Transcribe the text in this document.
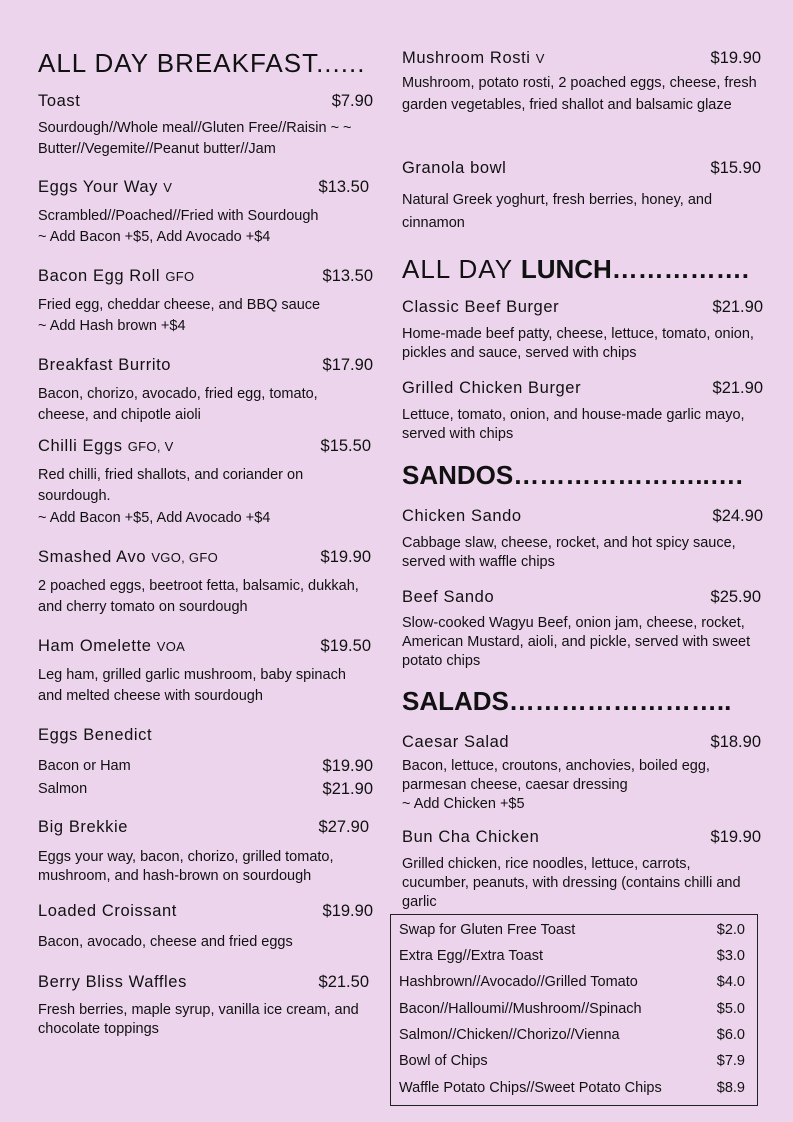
ALL DAY BREAKFAST......
Toast	$7.90
Sourdough//Whole meal//Gluten Free//Raisin ~ ~ Butter//Vegemite//Peanut butter//Jam
Eggs Your Way V	$13.50
Scrambled//Poached//Fried with Sourdough
~ Add Bacon +$5, Add Avocado +$4
Bacon Egg Roll GFO	$13.50
Fried egg, cheddar cheese, and BBQ sauce
~ Add Hash brown +$4
Breakfast Burrito	$17.90
Bacon, chorizo, avocado, fried egg, tomato, cheese, and chipotle aioli
Chilli Eggs GFO, V	$15.50
Red chilli, fried shallots, and coriander on sourdough.
~ Add Bacon +$5, Add Avocado +$4
Smashed Avo VGO, GFO	$19.90
2 poached eggs, beetroot fetta, balsamic, dukkah, and cherry tomato on sourdough
Ham Omelette VOA	$19.50
Leg ham, grilled garlic mushroom, baby spinach and melted cheese with sourdough
Eggs Benedict
Bacon or Ham	$19.90
Salmon	$21.90
Big Brekkie	$27.90
Eggs your way, bacon, chorizo, grilled tomato, mushroom, and hash-brown on sourdough
Loaded Croissant	$19.90
Bacon, avocado, cheese and fried eggs
Berry Bliss Waffles	$21.50
Fresh berries, maple syrup, vanilla ice cream, and chocolate toppings
Mushroom Rosti V	$19.90
Mushroom, potato rosti, 2 poached eggs, cheese, fresh garden vegetables, fried shallot and balsamic glaze
Granola bowl	$15.90
Natural Greek yoghurt, fresh berries, honey, and cinnamon
ALL DAY LUNCH…………….
Classic Beef Burger	$21.90
Home-made beef patty, cheese, lettuce, tomato, onion, pickles and sauce, served with chips
Grilled Chicken Burger	$21.90
Lettuce, tomato, onion, and house-made garlic mayo, served with chips
SANDOS…………………..….
Chicken Sando	$24.90
Cabbage slaw, cheese, rocket, and hot spicy sauce, served with waffle chips
Beef Sando	$25.90
Slow-cooked Wagyu Beef, onion jam, cheese, rocket, American Mustard, aioli, and pickle, served with sweet potato chips
SALADS……………………..
Caesar Salad	$18.90
Bacon, lettuce, croutons, anchovies, boiled egg, parmesan cheese, caesar dressing
~ Add Chicken +$5
Bun Cha Chicken	$19.90
Grilled chicken, rice noodles, lettuce, carrots, cucumber, peanuts, with dressing (contains chilli and garlic
Swap for Gluten Free Toast	$2.0
Extra Egg//Extra Toast	$3.0
Hashbrown//Avocado//Grilled Tomato	$4.0
Bacon//Halloumi//Mushroom//Spinach	$5.0
Salmon//Chicken//Chorizo//Vienna	$6.0
Bowl of Chips	$7.9
Waffle Potato Chips//Sweet Potato Chips	$8.9
